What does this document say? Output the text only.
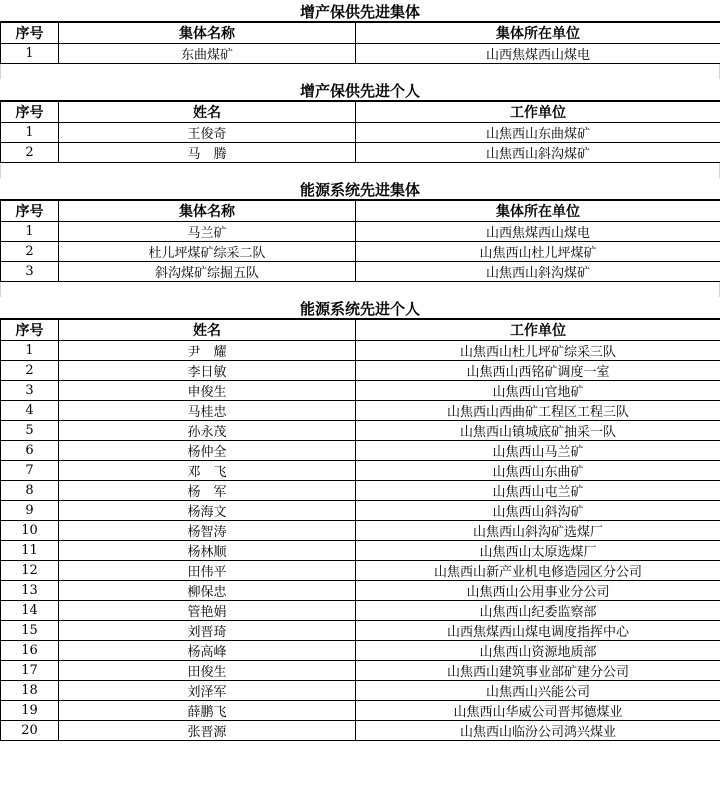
增产保供先进集体
序号	集体名称	集体所在单位
1	东曲煤矿	山西焦煤西山煤电
增产保供先进个人
序号	姓名	工作单位
1	王俊奇	山焦西山东曲煤矿
2	马　腾	山焦西山斜沟煤矿
能源系统先进集体
序号	集体名称	集体所在单位
1	马兰矿	山西焦煤西山煤电
2	杜儿坪煤矿综采二队	山焦西山杜儿坪煤矿
3	斜沟煤矿综掘五队	山焦西山斜沟煤矿
能源系统先进个人
序号	姓名	工作单位
1	尹　耀	山焦西山杜儿坪矿综采三队
2	李日敏	山焦西山西铭矿调度一室
3	申俊生	山焦西山官地矿
4	马桂忠	山焦西山西曲矿工程区工程三队
5	孙永茂	山焦西山镇城底矿抽采一队
6	杨仲全	山焦西山马兰矿
7	邓　飞	山焦西山东曲矿
8	杨　军	山焦西山屯兰矿
9	杨海文	山焦西山斜沟矿
10	杨智涛	山焦西山斜沟矿选煤厂
11	杨林顺	山焦西山太原选煤厂
12	田伟平	山焦西山新产业机电修造园区分公司
13	柳保忠	山焦西山公用事业分公司
14	管艳娟	山焦西山纪委监察部
15	刘晋琦	山西焦煤西山煤电调度指挥中心
16	杨高峰	山焦西山资源地质部
17	田俊生	山焦西山建筑事业部矿建分公司
18	刘泽军	山焦西山兴能公司
19	薛鹏飞	山焦西山华威公司晋邦德煤业
20	张晋源	山焦西山临汾公司鸿兴煤业
